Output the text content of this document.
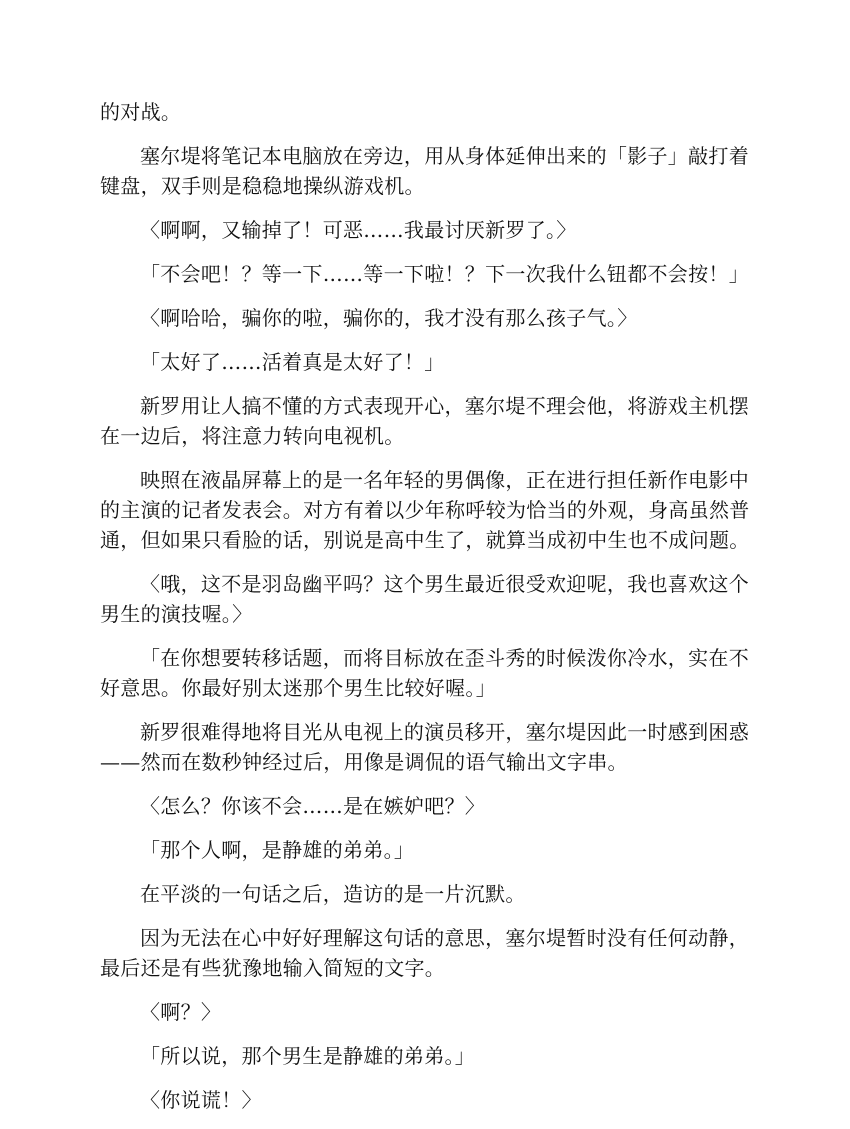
的对战。

塞尔堤将笔记本电脑放在旁边，用从身体延伸出来的「影子」敲打着键盘，双手则是稳稳地操纵游戏机。

〈啊啊，又输掉了！可恶……我最讨厌新罗了。〉

「不会吧！？等一下……等一下啦！？下一次我什么钮都不会按！」

〈啊哈哈，骗你的啦，骗你的，我才没有那么孩子气。〉

「太好了……活着真是太好了！」

新罗用让人搞不懂的方式表现开心，塞尔堤不理会他，将游戏主机摆在一边后，将注意力转向电视机。

映照在液晶屏幕上的是一名年轻的男偶像，正在进行担任新作电影中的主演的记者发表会。对方有着以少年称呼较为恰当的外观，身高虽然普通，但如果只看脸的话，别说是高中生了，就算当成初中生也不成问题。

〈哦，这不是羽岛幽平吗？这个男生最近很受欢迎呢，我也喜欢这个男生的演技喔。〉

「在你想要转移话题，而将目标放在歪斗秀的时候泼你冷水，实在不好意思。你最好别太迷那个男生比较好喔。」

新罗很难得地将目光从电视上的演员移开，塞尔堤因此一时感到困惑——然而在数秒钟经过后，用像是调侃的语气输出文字串。

〈怎么？你该不会……是在嫉妒吧？〉

「那个人啊，是静雄的弟弟。」

在平淡的一句话之后，造访的是一片沉默。

因为无法在心中好好理解这句话的意思，塞尔堤暂时没有任何动静，最后还是有些犹豫地输入简短的文字。

〈啊？〉

「所以说，那个男生是静雄的弟弟。」

〈你说谎！〉
